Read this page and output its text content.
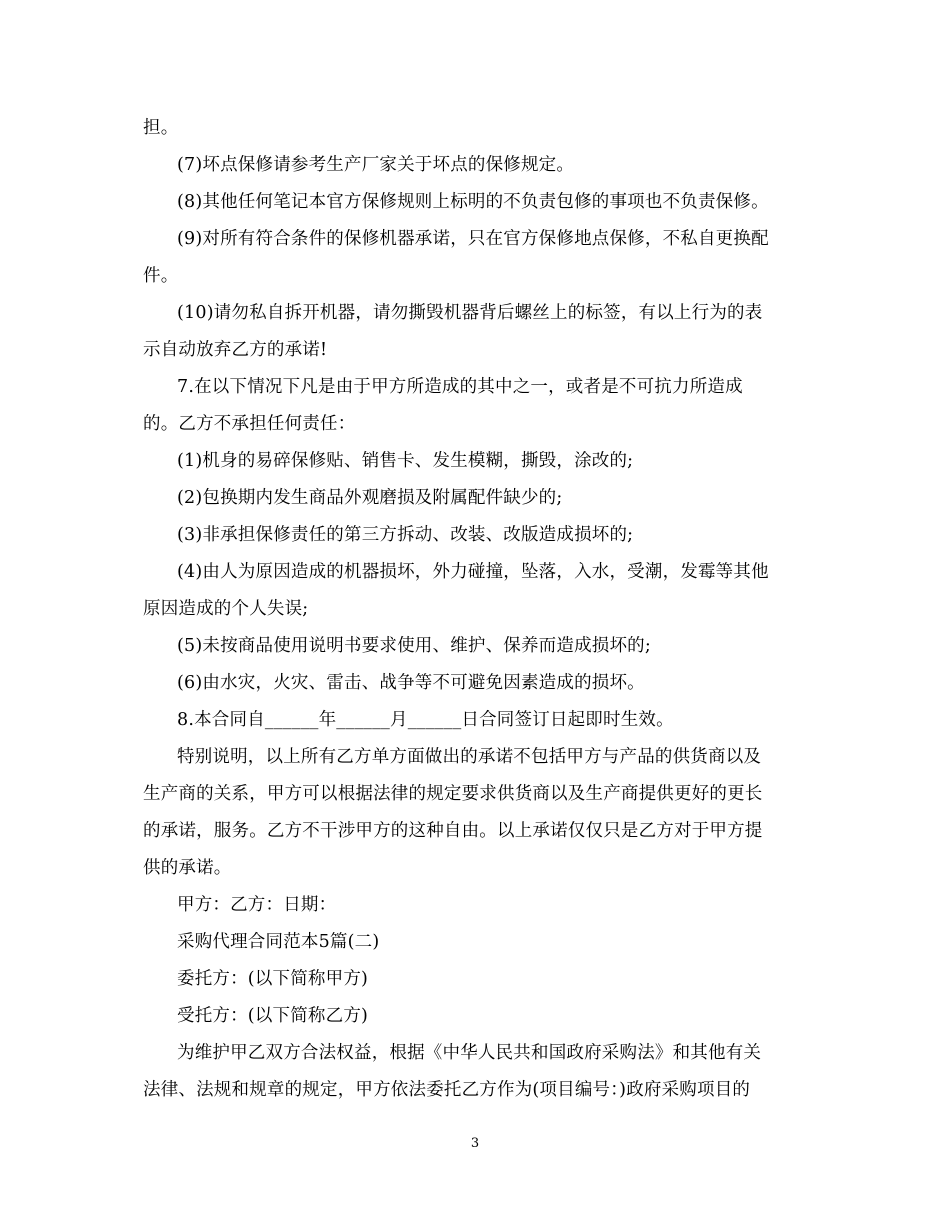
担。
(7)坏点保修请参考生产厂家关于坏点的保修规定。
(8)其他任何笔记本官方保修规则上标明的不负责包修的事项也不负责保修。
(9)对所有符合条件的保修机器承诺，只在官方保修地点保修，不私自更换配
件。
(10)请勿私自拆开机器，请勿撕毁机器背后螺丝上的标签，有以上行为的表
示自动放弃乙方的承诺!
7.在以下情况下凡是由于甲方所造成的其中之一，或者是不可抗力所造成
的。乙方不承担任何责任：
(1)机身的易碎保修贴、销售卡、发生模糊，撕毁，涂改的;
(2)包换期内发生商品外观磨损及附属配件缺少的;
(3)非承担保修责任的第三方拆动、改装、改版造成损坏的;
(4)由人为原因造成的机器损坏，外力碰撞，坠落，入水，受潮，发霉等其他
原因造成的个人失误;
(5)未按商品使用说明书要求使用、维护、保养而造成损坏的;
(6)由水灾，火灾、雷击、战争等不可避免因素造成的损坏。
8.本合同自______年______月______日合同签订日起即时生效。
特别说明，以上所有乙方单方面做出的承诺不包括甲方与产品的供货商以及
生产商的关系，甲方可以根据法律的规定要求供货商以及生产商提供更好的更长
的承诺，服务。乙方不干涉甲方的这种自由。以上承诺仅仅只是乙方对于甲方提
供的承诺。
甲方：乙方：日期：
采购代理合同范本5篇(二)
委托方：(以下简称甲方)
受托方：(以下简称乙方)
为维护甲乙双方合法权益，根据《中华人民共和国政府采购法》和其他有关
法律、法规和规章的规定，甲方依法委托乙方作为(项目编号：)政府采购项目的
3
